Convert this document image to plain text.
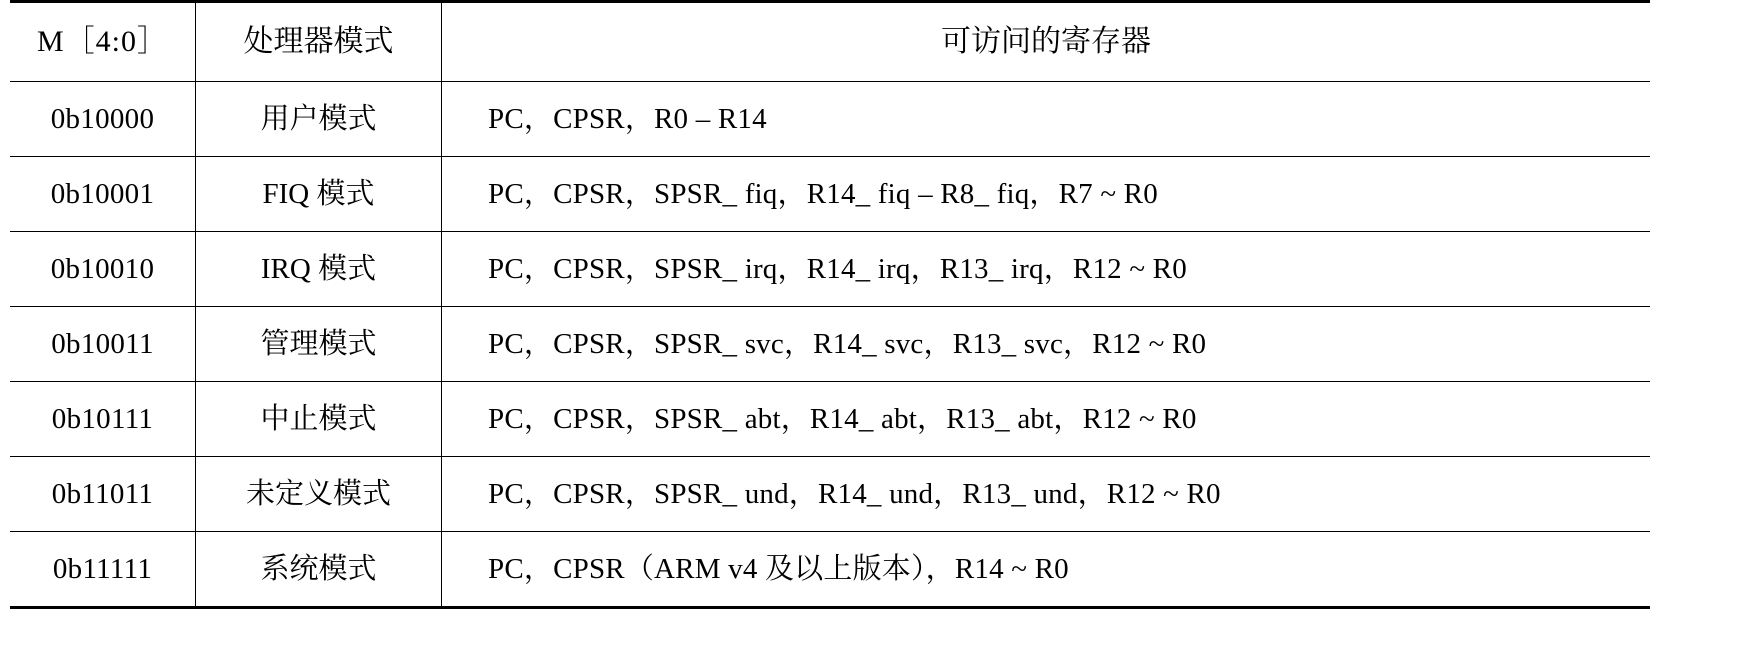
M［4:0］	处理器模式	可访问的寄存器

0b10000	用户模式	PC，CPSR，R0 – R14

0b10001	FIQ 模式	PC，CPSR，SPSR_ fiq，R14_ fiq – R8_ fiq，R7 ~ R0

0b10010	IRQ 模式	PC，CPSR，SPSR_ irq，R14_ irq，R13_ irq，R12 ~ R0

0b10011	管理模式	PC，CPSR，SPSR_ svc，R14_ svc，R13_ svc，R12 ~ R0

0b10111	中止模式	PC，CPSR，SPSR_ abt，R14_ abt，R13_ abt，R12 ~ R0

0b11011	未定义模式	PC，CPSR，SPSR_ und，R14_ und，R13_ und，R12 ~ R0

0b11111	系统模式	PC，CPSR（ARM v4 及以上版本），R14 ~ R0
